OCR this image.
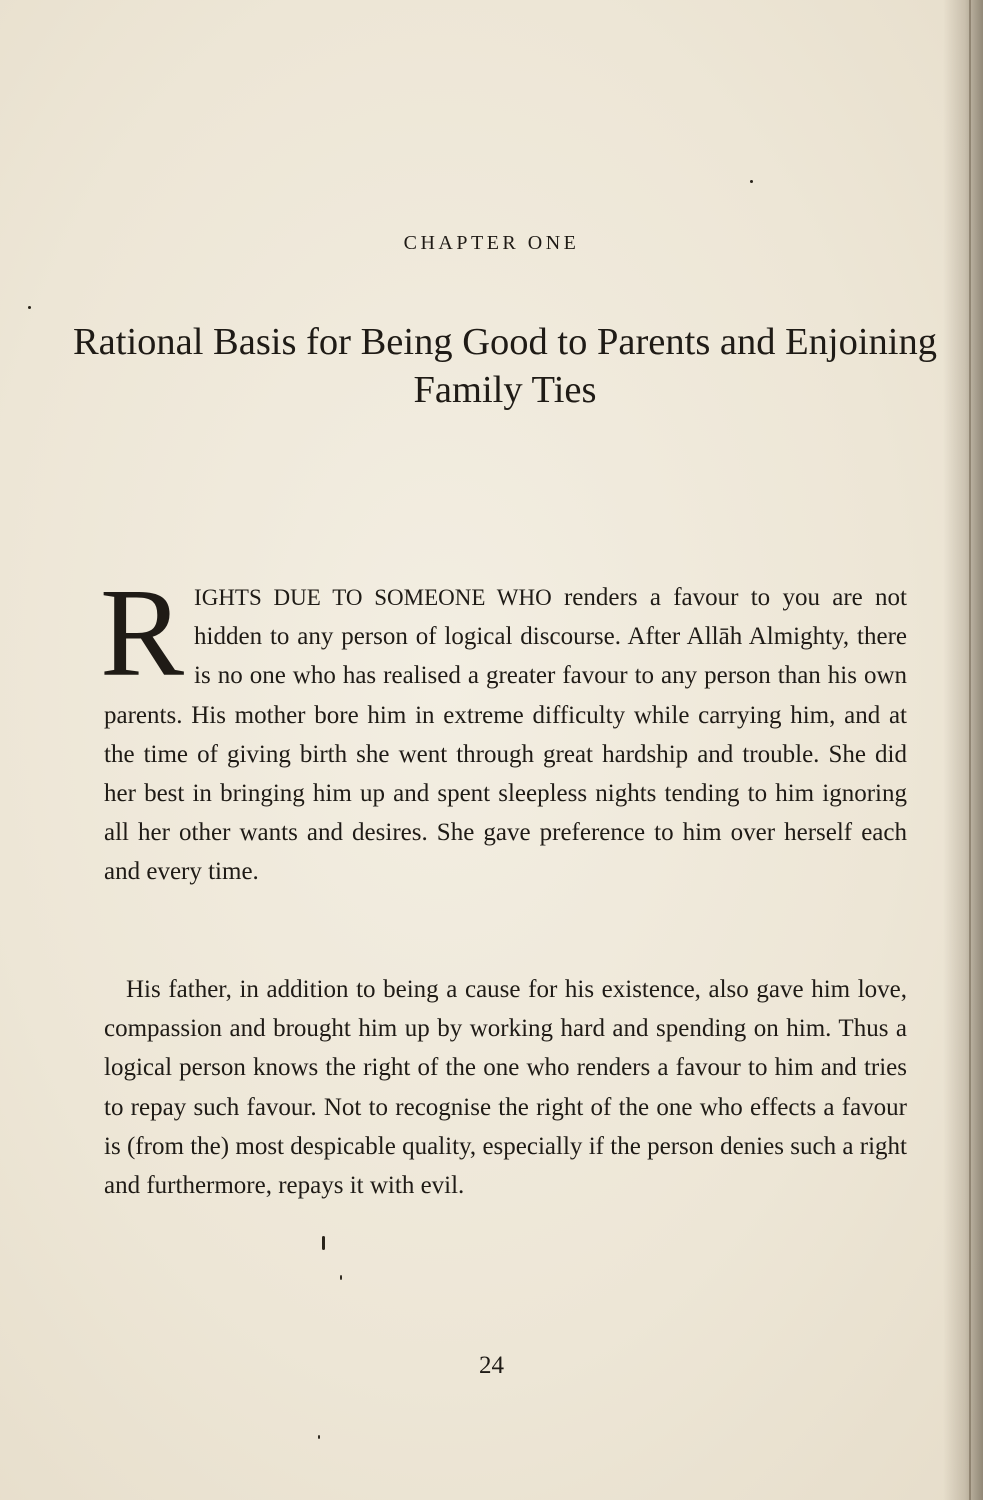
CHAPTER ONE
Rational Basis for Being Good to Parents and Enjoining Family Ties
RIGHTS DUE TO SOMEONE WHO renders a favour to you are not hidden to any person of logical discourse. After Allāh Almighty, there is no one who has realised a greater favour to any person than his own parents. His mother bore him in extreme difficulty while carrying him, and at the time of giving birth she went through great hardship and trouble. She did her best in bringing him up and spent sleepless nights tending to him ignoring all her other wants and desires. She gave preference to him over herself each and every time.
His father, in addition to being a cause for his existence, also gave him love, compassion and brought him up by working hard and spending on him. Thus a logical person knows the right of the one who renders a favour to him and tries to repay such favour. Not to recognise the right of the one who effects a favour is (from the) most despicable quality, especially if the person denies such a right and furthermore, repays it with evil.
24
